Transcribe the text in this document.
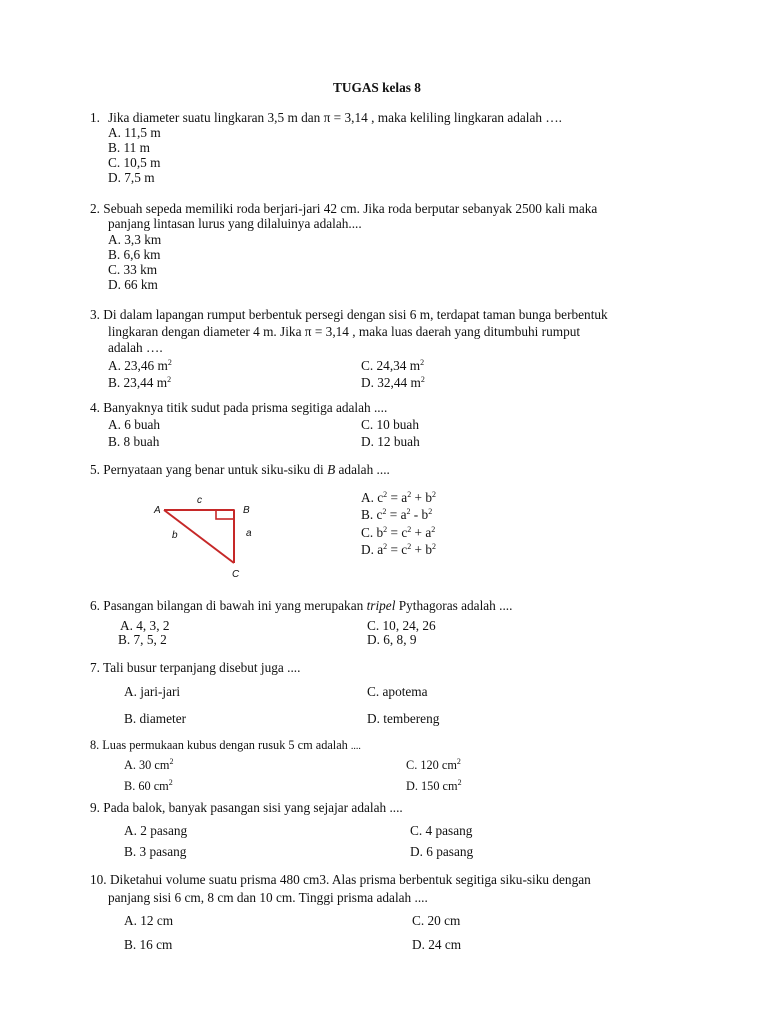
TUGAS kelas 8
1. Jika diameter suatu lingkaran 3,5 m dan π = 3,14 , maka keliling lingkaran adalah ….
A. 11,5 m
B. 11 m
C. 10,5 m
D. 7,5 m
2. Sebuah sepeda memiliki roda berjari-jari 42 cm. Jika roda berputar sebanyak 2500 kali maka
panjang lintasan lurus yang dilaluinya adalah....
A. 3,3 km
B. 6,6 km
C. 33 km
D. 66 km
3. Di dalam lapangan rumput berbentuk persegi dengan sisi 6 m, terdapat taman bunga berbentuk
lingkaran dengan diameter 4 m. Jika π = 3,14 , maka luas daerah yang ditumbuhi rumput
adalah ….
A. 23,46 $m^2$	C. 24,34 $m^2$
B. 23,44 $m^2$	D. 32,44 $m^2$
4. Banyaknya titik sudut pada prisma segitiga adalah ....
A. 6 buah	C. 10 buah
B. 8 buah	D. 12 buah
5. Pernyataan yang benar untuk siku-siku di B adalah ....
A
c
B
b	a
C
A. $c^2 = a^2 + b^2$
B. $c^2 = a^2 - b^2$
C. $b^2 = c^2 + a^2$
D. $a^2 = c^2 + b^2$
6. Pasangan bilangan di bawah ini yang merupakan tripel Pythagoras adalah ....
A. 4, 3, 2	C. 10, 24, 26
B. 7, 5, 2	D. 6, 8, 9
7. Tali busur terpanjang disebut juga ....
A. jari-jari	C. apotema
B. diameter	D. tembereng
8. Luas permukaan kubus dengan rusuk 5 cm adalah ....
A. 30 $cm^2$	C. 120 $cm^2$
B. 60 $cm^2$	D. 150 $cm^2$
9. Pada balok, banyak pasangan sisi yang sejajar adalah ....
A. 2 pasang	C. 4 pasang
B. 3 pasang	D. 6 pasang
10. Diketahui volume suatu prisma 480 cm3. Alas prisma berbentuk segitiga siku-siku dengan
panjang sisi 6 cm, 8 cm dan 10 cm. Tinggi prisma adalah ....
A. 12 cm	C. 20 cm
B. 16 cm	D. 24 cm
